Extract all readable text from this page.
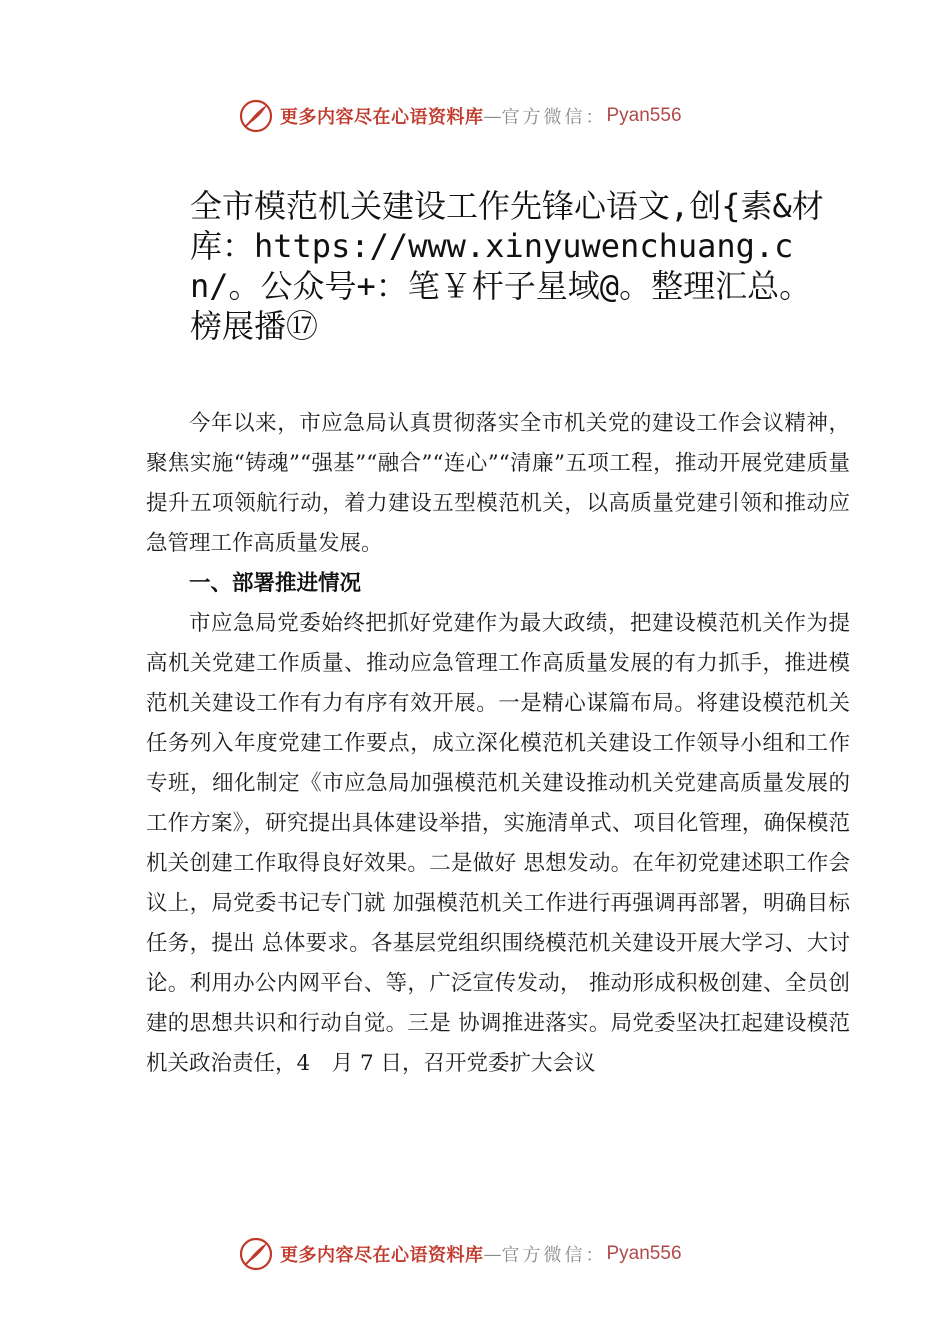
更多内容尽在心语资料库 — 官方微信： Pyan556
全市模范机关建设工作先锋心语文,创{素&材库：https://www.xinyuwenchuang.cn/。公众号+：笔￥杆子星域@。整理汇总。榜展播⑰

今年以来，市应急局认真贯彻落实全市机关党的建设工作会议精神，聚焦实施“铸魂”“强基”“融合”“连心”“清廉”五项工程，推动开展党建质量提升五项领航行动，着力建设五型模范机关，以高质量党建引领和推动应急管理工作高质量发展。

一、部署推进情况

市应急局党委始终把抓好党建作为最大政绩，把建设模范机关作为提高机关党建工作质量、推动应急管理工作高质量发展的有力抓手，推进模范机关建设工作有力有序有效开展。一是精心谋篇布局。将建设模范机关任务列入年度党建工作要点，成立深化模范机关建设工作领导小组和工作专班，细化制定《市应急局加强模范机关建设推动机关党建高质量发展的工作方案》，研究提出具体建设举措，实施清单式、项目化管理，确保模范机关创建工作取得良好效果。二是做好 思想发动。在年初党建述职工作会议上，局党委书记专门就 加强模范机关工作进行再强调再部署，明确目标任务，提出 总体要求。各基层党组织围绕模范机关建设开展大学习、大讨论。利用办公内网平台、等，广泛宣传发动， 推动形成积极创建、全员创建的思想共识和行动自觉。三是 协调推进落实。局党委坚决扛起建设模范机关政治责任，4　月 7 日，召开党委扩大会议

更多内容尽在心语资料库 — 官方微信： Pyan556
